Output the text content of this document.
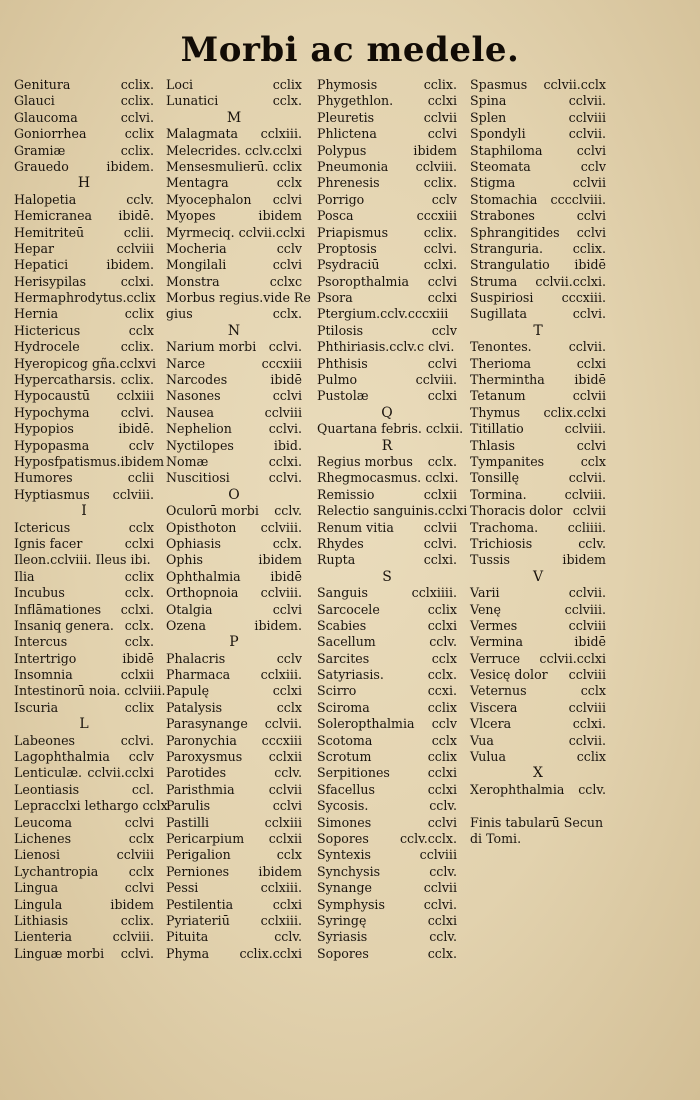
Morbi ac medele.
Genitura	cclix.
Glauci	cclix.
Glaucoma	cclvi.
Goniorrhea	cclix
Gramiæ	cclix.
Grauedo	ibidem.
H
Halopetia	cclv.
Hemicranea	ibidē.
Hemitriteū	cclii.
Hepar	cclviii
Hepatici	ibidem.
Herisypilas	cclxi.
Hermaphrodytus.cclix
Hernia	cclix
Hictericus	cclx
Hydrocele	cclix.
Hyeropicog gña.cclxvi
Hypercatharsis. cclix.
Hypocaustū	cclxiii
Hypochyma	cclvi.
Hypopios	ibidē.
Hypopasma	cclv
Hyposfpatismus.ibidem
Humores	cclii
Hyptiasmus	cclviii.
I
Ictericus	cclx
Ignis facer	cclxi
Ileon.cclviii. Ileus ibi.
Ilia	cclix
Incubus	cclx.
Inflāmationes	cclxi.
Insaniq genera. cclx.
Intercus	cclx.
Intertrigo	ibidē
Insomnia	cclxii
Intestinorū noia. cclviii.
Iscuria	cclix
L
Labeones	cclvi.
Lagophthalmia	cclv
Lenticulæ. cclvii.cclxi
Leontiasis	ccl.
Lepracclxi lethargo cclx
Leucoma	cclvi
Lichenes	cclx
Lienosi	cclviii
Lychantropia	cclx
Lingua	cclvi
Lingula	ibidem
Lithiasis	cclix.
Lienteria	cclviii.
Linguæ morbi	cclvi.
Loci	cclix
Lunatici	cclx.
M
Malagmata	cclxiii.
Melecrides. cclv.cclxi
Mensesmulierū. cclix
Mentagra	cclx
Myocephalon	cclvi
Myopes	ibidem
Myrmeciq. cclvii.cclxi
Mocheria	cclv
Mongilali	cclvi
Monstra	cclxc
Morbus regius.vide Re
gius	cclx.
N
Narium morbi cclvi.
Narce	cccxiii
Narcodes	ibidē
Nasones	cclvi
Nausea	cclviii
Nephelion	cclvi.
Nyctilopes	ibid.
Nomæ	cclxi.
Nuscitiosi	cclvi.
O
Oculorū morbi	cclv.
Opisthoton	cclviii.
Ophiasis	cclx.
Ophis	ibidem
Ophthalmia	ibidē
Orthopnoia	cclviii.
Otalgia	cclvi
Ozena	ibidem.
P
Phalacris	cclv
Pharmaca	cclxiii.
Papulę	cclxi
Patalysis	cclx
Parasynange	cclvii.
Paronychia	cccxiii
Paroxysmus	cclxii
Parotides	cclv.
Paristhmia	cclvii
Parulis	cclvi
Pastilli	cclxiii
Pericarpium	cclxii
Perigalion	cclx
Perniones	ibidem
Pessi	cclxiii.
Pestilentia	cclxi
Pyriateriū	cclxiii.
Pituita	cclv.
Phyma	cclix.cclxi
Phymosis	cclix.
Phygethlon.	cclxi
Pleuretis	cclvii
Phlictena	cclvi
Polypus	ibidem
Pneumonia	cclviii.
Phrenesis	cclix.
Porrigo	cclv
Posca	cccxiii
Priapismus	cclix.
Proptosis	cclvi.
Psydraciū	cclxi.
Psoropthalmia	cclvi
Psora	cclxi
Ptergium.cclv.cccxiii
Ptilosis	cclv
Phthiriasis.cclv.c clvi.
Phthisis	cclvi
Pulmo	cclviii.
Pustolæ	cclxi
Q
Quartana febris. cclxii.
R
Regius morbus	cclx.
Rhegmocasmus. cclxi.
Remissio	cclxii
Relectio sanguinis.cclxi
Renum vitia	cclvii
Rhydes	cclvi.
Rupta	cclxi.
S
Sanguis	cclxiiii.
Sarcocele	cclix
Scabies	cclxi
Sacellum	cclv.
Sarcites	cclx
Satyriasis.	cclx.
Scirro	ccxi.
Sciroma	cclix
Soleropthalmia	cclv
Scotoma	cclx
Scrotum	cclix
Serpitiones	cclxi
Sfacellus	cclxi
Sycosis.	cclv.
Simones	cclvi
Sopores	cclv.cclx.
Syntexis	cclviii
Synchysis	cclv.
Synange	cclvii
Symphysis	cclvi.
Syringę	cclxi
Syriasis	cclv.
Sopores	cclx.
Spasmus	cclvii.cclx
Spina	cclvii.
Splen	cclviii
Spondyli	cclvii.
Staphiloma	cclvi
Steomata	cclv
Stigma	cclvii
Stomachia	cccclviii.
Strabones	cclvi
Sphrangitides	cclvi
Stranguria.	cclix.
Strangulatio	ibidē
Struma	cclvii.cclxi.
Suspiriosi	cccxiii.
Sugillata	cclvi.
T
Tenontes.	cclvii.
Therioma	cclxi
Thermintha	ibidē
Tetanum	cclvii
Thymus	cclix.cclxi
Titillatio	cclviii.
Thlasis	cclvi
Tympanites	cclx
Tonsillę	cclvii.
Tormina.	cclviii.
Thoracis dolor cclvii
Trachoma.	ccliiii.
Trichiosis	cclv.
Tussis	ibidem
V
Varii	cclvii.
Venę	cclviii.
Vermes	cclviii
Vermina	ibidē
Verruce	cclvii.cclxi
Vesicę dolor	cclviii
Veternus	cclx
Viscera	cclviii
Vlcera	cclxi.
Vua	cclvii.
Vulua	cclix
X
Xerophthalmia	cclv.
Finis tabularū Secun
di Tomi.
